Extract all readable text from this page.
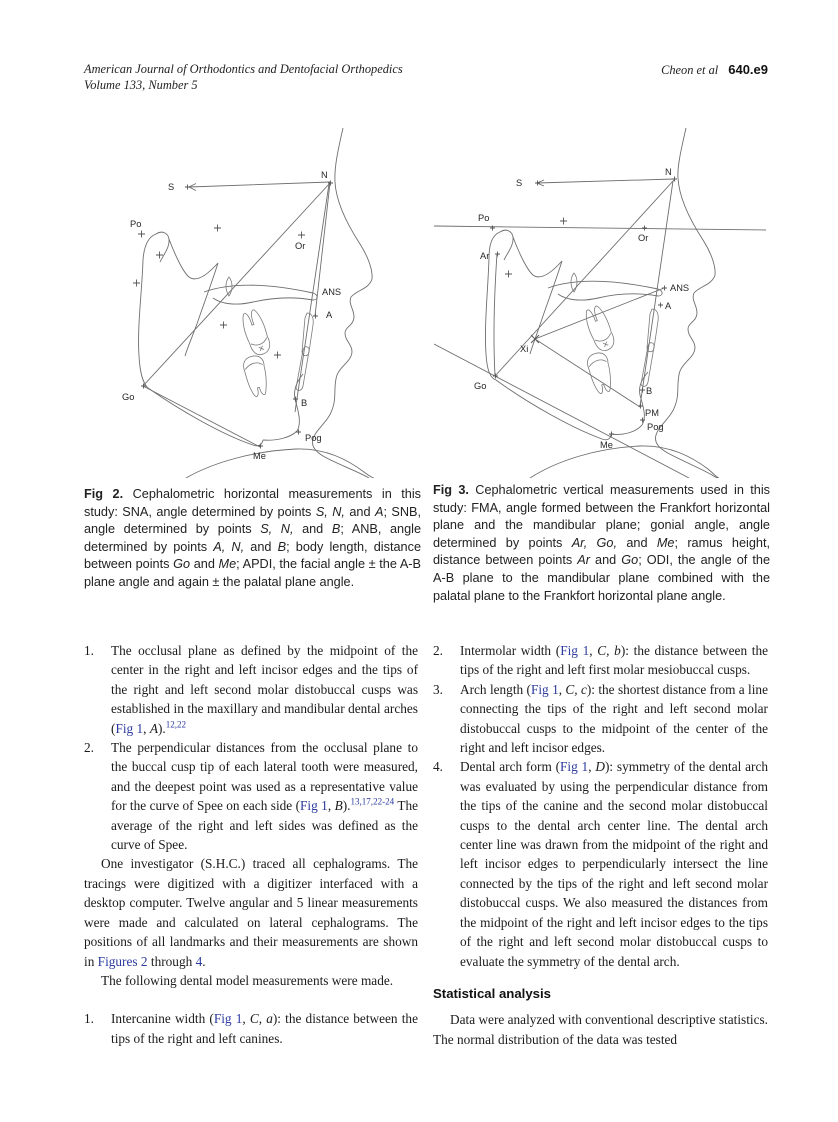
American Journal of Orthodontics and Dentofacial Orthopedics
Volume 133, Number 5
Cheon et al 640.e9
S
N
Po
Or
ANS
A
Go
B
Pog
Me
S
N
Po
Or
Ar
ANS
A
Xi
Go	B
PM
Pog
Me
Fig 2. Cephalometric horizontal measurements in this study: SNA, angle determined by points S, N, and A; SNB, angle determined by points S, N, and B; ANB, angle determined by points A, N, and B; body length, distance between points Go and Me; APDI, the facial angle ± the A-B plane angle and again ± the palatal plane angle.
Fig 3. Cephalometric vertical measurements used in this study: FMA, angle formed between the Frankfort horizontal plane and the mandibular plane; gonial angle, angle determined by points Ar, Go, and Me; ramus height, distance between points Ar and Go; ODI, the angle of the A-B plane to the mandibular plane combined with the palatal plane to the Frankfort horizontal plane angle.
1.	The occlusal plane as defined by the midpoint of the center in the right and left incisor edges and the tips of the right and left second molar distobuccal cusps was established in the maxillary and mandibular dental arches (Fig 1, A).$^{12,22}$
2.	The perpendicular distances from the occlusal plane to the buccal cusp tip of each lateral tooth were measured, and the deepest point was used as a representative value for the curve of Spee on each side (Fig 1, B).$^{13,17,22-24}$ The average of the right and left sides was defined as the curve of Spee.

One investigator (S.H.C.) traced all cephalograms. The tracings were digitized with a digitizer interfaced with a desktop computer. Twelve angular and 5 linear measurements were made and calculated on lateral cephalograms. The positions of all landmarks and their measurements are shown in Figures 2 through 4.

The following dental model measurements were made.

1.	Intercanine width (Fig 1, C, a): the distance between the tips of the right and left canines.
2.	Intermolar width (Fig 1, C, b): the distance between the tips of the right and left first molar mesiobuccal cusps.
3.	Arch length (Fig 1, C, c): the shortest distance from a line connecting the tips of the right and left second molar distobuccal cusps to the midpoint of the center of the right and left incisor edges.
4.	Dental arch form (Fig 1, D): symmetry of the dental arch was evaluated by using the perpendicular distance from the tips of the canine and the second molar distobuccal cusps to the dental arch center line. The dental arch center line was drawn from the midpoint of the right and left incisor edges to perpendicularly intersect the line connected by the tips of the right and left second molar distobuccal cusps. We also measured the distances from the midpoint of the right and left incisor edges to the tips of the right and left second molar distobuccal cusps to evaluate the symmetry of the dental arch.
Statistical analysis

Data were analyzed with conventional descriptive statistics. The normal distribution of the data was tested
